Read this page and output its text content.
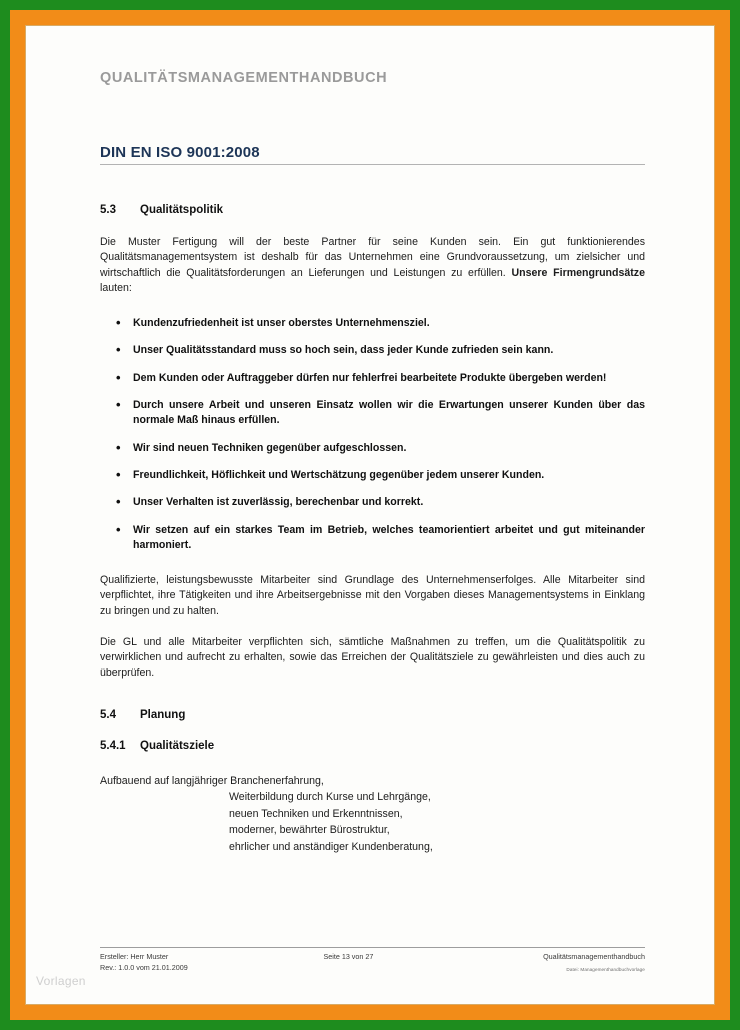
QUALITÄTSMANAGEMENTHANDBUCH
DIN EN ISO 9001:2008
5.3	Qualitätspolitik
Die Muster Fertigung will der beste Partner für seine Kunden sein. Ein gut funktionierendes Qualitätsmanagementsystem ist deshalb für das Unternehmen eine Grundvoraussetzung, um zielsicher und wirtschaftlich die Qualitätsforderungen an Lieferungen und Leistungen zu erfüllen. Unsere Firmengrundsätze lauten:
• Kundenzufriedenheit ist unser oberstes Unternehmensziel.
• Unser Qualitätsstandard muss so hoch sein, dass jeder Kunde zufrieden sein kann.
• Dem Kunden oder Auftraggeber dürfen nur fehlerfrei bearbeitete Produkte übergeben werden!
• Durch unsere Arbeit und unseren Einsatz wollen wir die Erwartungen unserer Kunden über das normale Maß hinaus erfüllen.
• Wir sind neuen Techniken gegenüber aufgeschlossen.
• Freundlichkeit, Höflichkeit und Wertschätzung gegenüber jedem unserer Kunden.
• Unser Verhalten ist zuverlässig, berechenbar und korrekt.
• Wir setzen auf ein starkes Team im Betrieb, welches teamorientiert arbeitet und gut miteinander harmoniert.
Qualifizierte, leistungsbewusste Mitarbeiter sind Grundlage des Unternehmenserfolges. Alle Mitarbeiter sind verpflichtet, ihre Tätigkeiten und ihre Arbeitsergebnisse mit den Vorgaben dieses Managementsystems in Einklang zu bringen und zu halten.
Die GL und alle Mitarbeiter verpflichten sich, sämtliche Maßnahmen zu treffen, um die Qualitätspolitik zu verwirklichen und aufrecht zu erhalten, sowie das Erreichen der Qualitätsziele zu gewährleisten und dies auch zu überprüfen.
5.4	Planung
5.4.1	Qualitätsziele
Aufbauend auf langjähriger Branchenerfahrung,
Weiterbildung durch Kurse und Lehrgänge,
neuen Techniken und Erkenntnissen,
moderner, bewährter Bürostruktur,
ehrlicher und anständiger Kundenberatung,
Ersteller: Herr Muster
Rev.: 1.0.0 vom 21.01.2009
Seite 13 von 27	Qualitätsmanagementhandbuch
Datei: Managementhandbuchvorlage
Vorlagen
